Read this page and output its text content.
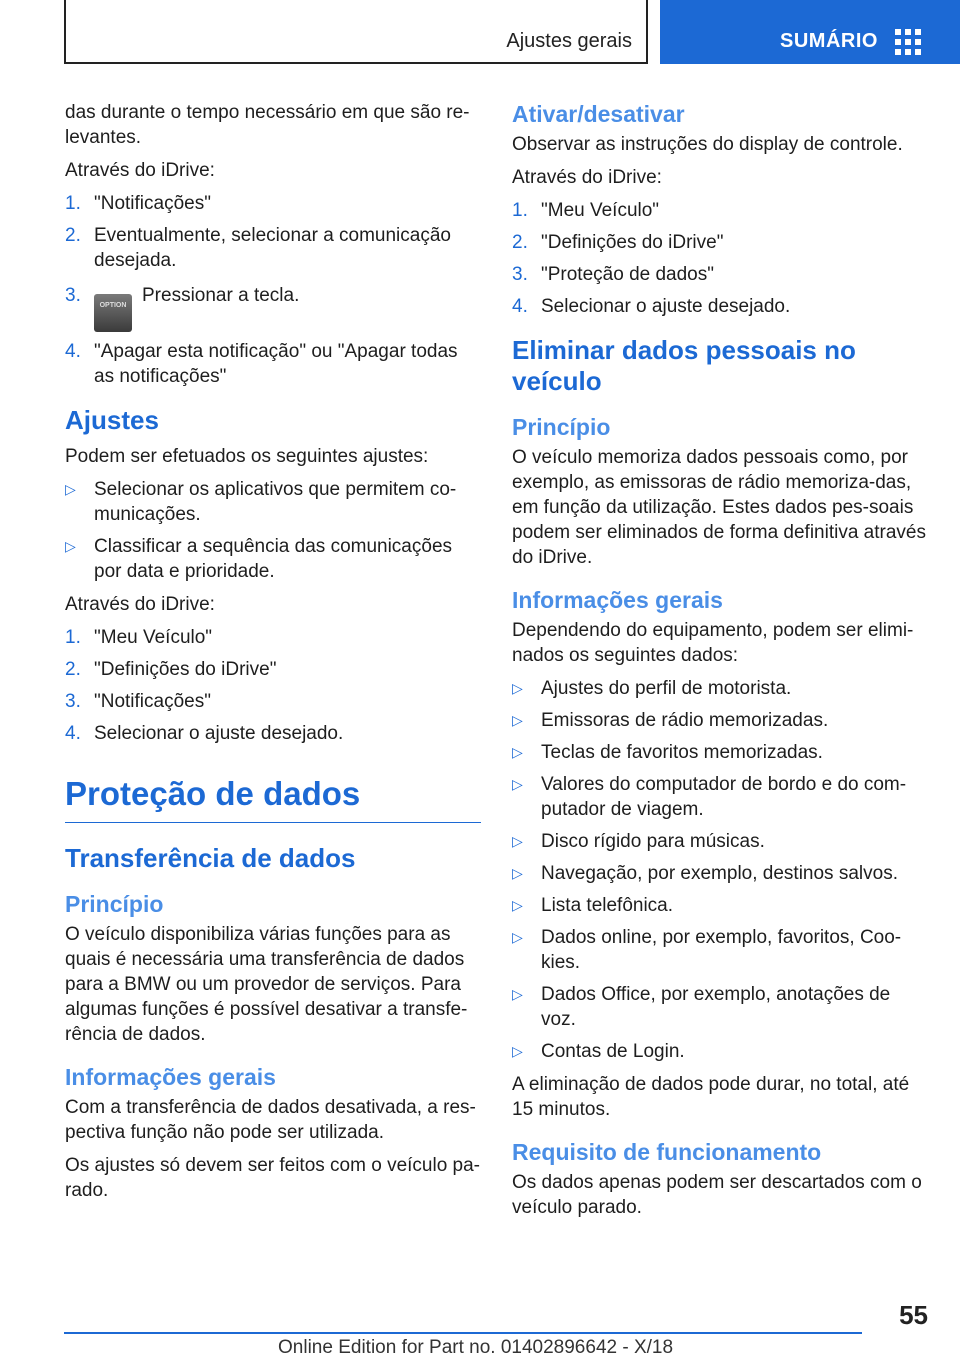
Ajustes gerais	SUMÁRIO

das durante o tempo necessário em que são re-levantes.

Através do iDrive:

1. "Notificações"
2. Eventualmente, selecionar a comunicação desejada.
3.	OPTION Pressionar a tecla.
4. "Apagar esta notificação" ou "Apagar todas as notificações"
Ajustes

Podem ser efetuados os seguintes ajustes:

▷ Selecionar os aplicativos que permitem co-municações.
▷ Classificar a sequência das comunicações por data e prioridade.

Através do iDrive:

1. "Meu Veículo"
2. "Definições do iDrive"
3. "Notificações"
4. Selecionar o ajuste desejado.
Proteção de dados
Transferência de dados
Princípio

O veículo disponibiliza várias funções para as quais é necessária uma transferência de dados para a BMW ou um provedor de serviços. Para algumas funções é possível desativar a transfe-rência de dados.

Informações gerais

Com a transferência de dados desativada, a res-pectiva função não pode ser utilizada.

Os ajustes só devem ser feitos com o veículo pa-rado.

Ativar/desativar

Observar as instruções do display de controle.

Através do iDrive:

1. "Meu Veículo"
2. "Definições do iDrive"
3. "Proteção de dados"
4. Selecionar o ajuste desejado.
Eliminar dados pessoais no veículo
Princípio

O veículo memoriza dados pessoais como, por exemplo, as emissoras de rádio memoriza-das, em função da utilização. Estes dados pes-soais podem ser eliminados de forma definitiva através do iDrive.

Informações gerais

Dependendo do equipamento, podem ser elimi-nados os seguintes dados:

▷ Ajustes do perfil de motorista.
▷ Emissoras de rádio memorizadas.
▷ Teclas de favoritos memorizadas.
▷ Valores do computador de bordo e do com-putador de viagem.
▷ Disco rígido para músicas.
▷ Navegação, por exemplo, destinos salvos.
▷ Lista telefônica.
▷ Dados online, por exemplo, favoritos, Coo-kies.
▷ Dados Office, por exemplo, anotações de voz.
▷ Contas de Login.

A eliminação de dados pode durar, no total, até 15 minutos.

Requisito de funcionamento

Os dados apenas podem ser descartados com o veículo parado.

55
Online Edition for Part no. 01402896642 - X/18
